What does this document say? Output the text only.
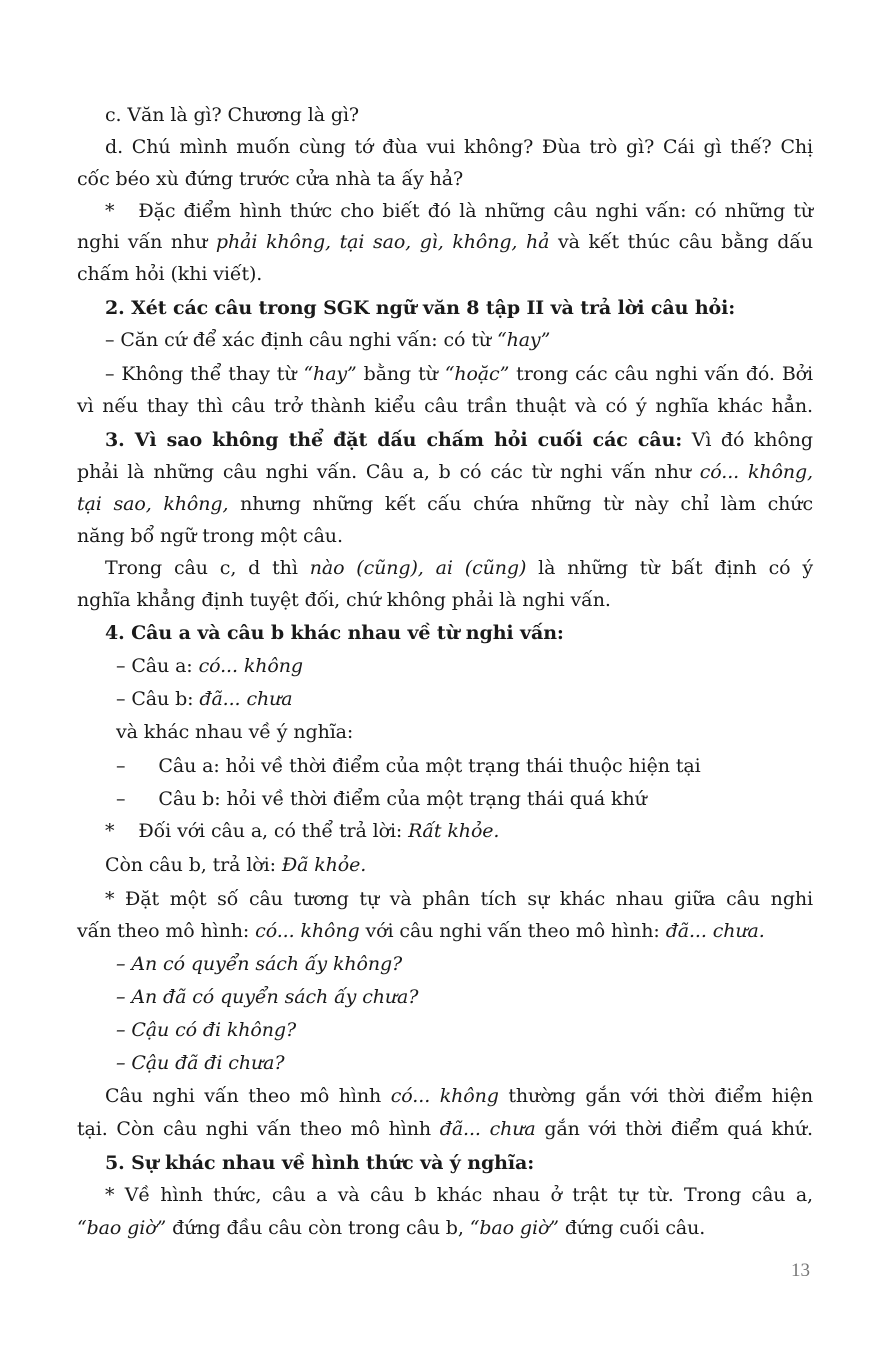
c. Văn là gì? Chương là gì?
d. Chú mình muốn cùng tớ đùa vui không? Đùa trò gì? Cái gì thế? Chị
cốc béo xù đứng trước cửa nhà ta ấy hả?
* Đặc điểm hình thức cho biết đó là những câu nghi vấn: có những từ
nghi vấn như phải không, tại sao, gì, không, hả và kết thúc câu bằng dấu
chấm hỏi (khi viết).
2. Xét các câu trong SGK ngữ văn 8 tập II và trả lời câu hỏi:
– Căn cứ để xác định câu nghi vấn: có từ “hay”
– Không thể thay từ “hay” bằng từ “hoặc” trong các câu nghi vấn đó. Bởi
vì nếu thay thì câu trở thành kiểu câu trần thuật và có ý nghĩa khác hẳn.
3. Vì sao không thể đặt dấu chấm hỏi cuối các câu: Vì đó không
phải là những câu nghi vấn. Câu a, b có các từ nghi vấn như có... không,
tại sao, không, nhưng những kết cấu chứa những từ này chỉ làm chức
năng bổ ngữ trong một câu.
Trong câu c, d thì nào (cũng), ai (cũng) là những từ bất định có ý
nghĩa khẳng định tuyệt đối, chứ không phải là nghi vấn.
4. Câu a và câu b khác nhau về từ nghi vấn:
– Câu a: có... không
– Câu b: đã... chưa
và khác nhau về ý nghĩa:
– Câu a: hỏi về thời điểm của một trạng thái thuộc hiện tại
– Câu b: hỏi về thời điểm của một trạng thái quá khứ
* Đối với câu a, có thể trả lời: Rất khỏe.
Còn câu b, trả lời: Đã khỏe.
* Đặt một số câu tương tự và phân tích sự khác nhau giữa câu nghi
vấn theo mô hình: có... không với câu nghi vấn theo mô hình: đã... chưa.
– An có quyển sách ấy không?
– An đã có quyển sách ấy chưa?
– Cậu có đi không?
– Cậu đã đi chưa?
Câu nghi vấn theo mô hình có... không thường gắn với thời điểm hiện
tại. Còn câu nghi vấn theo mô hình đã... chưa gắn với thời điểm quá khứ.
5. Sự khác nhau về hình thức và ý nghĩa:
* Về hình thức, câu a và câu b khác nhau ở trật tự từ. Trong câu a,
“bao giờ” đứng đầu câu còn trong câu b, “bao giờ” đứng cuối câu.
13
